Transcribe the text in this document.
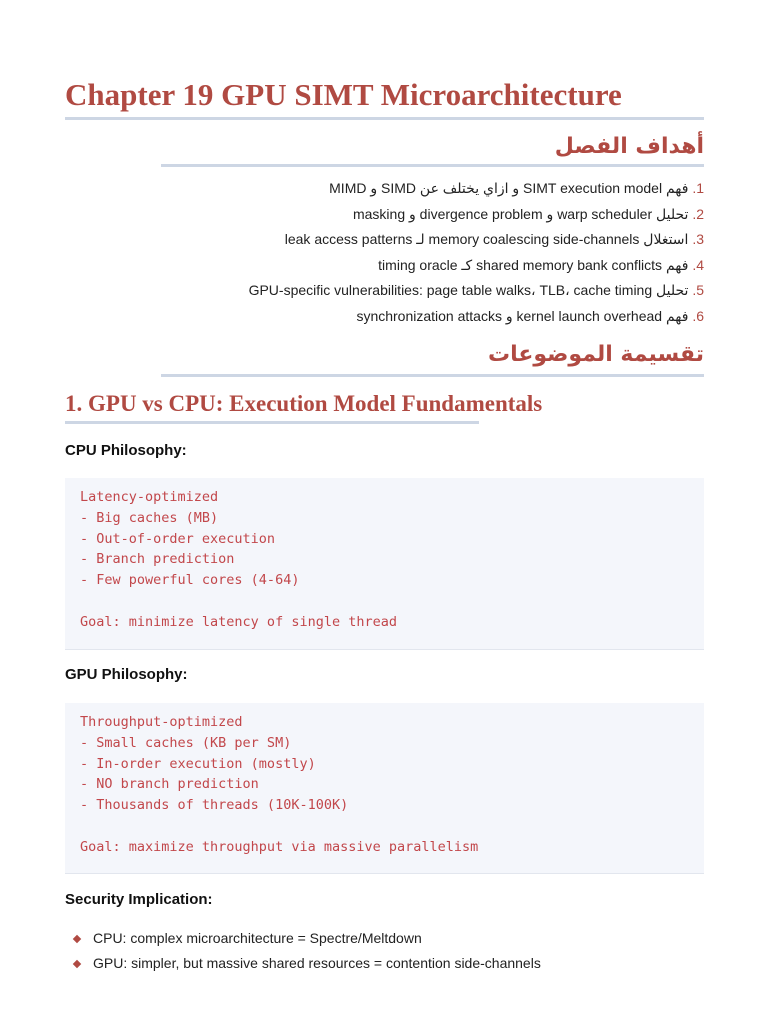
Chapter 19 GPU SIMT Microarchitecture
أهداف الفصل
1. فهم SIMT execution model و ازاي يختلف عن SIMD و MIMD
2. تحليل warp scheduler و divergence problem و masking
3. استغلال memory coalescing side-channels لـ leak access patterns
4. فهم shared memory bank conflicts كـ timing oracle
5. تحليل GPU-specific vulnerabilities: page table walks، TLB، cache timing
6. فهم kernel launch overhead و synchronization attacks
تقسيمة الموضوعات
1. GPU vs CPU: Execution Model Fundamentals

CPU Philosophy:

Latency-optimized
- Big caches (MB)
- Out-of-order execution
- Branch prediction
- Few powerful cores (4-64)
Goal: minimize latency of single thread

GPU Philosophy:

Throughput-optimized
- Small caches (KB per SM)
- In-order execution (mostly)
- NO branch prediction
- Thousands of threads (10K-100K)
Goal: maximize throughput via massive parallelism

Security Implication:

CPU: complex microarchitecture = Spectre/Meltdown
GPU: simpler, but massive shared resources = contention side-channels
